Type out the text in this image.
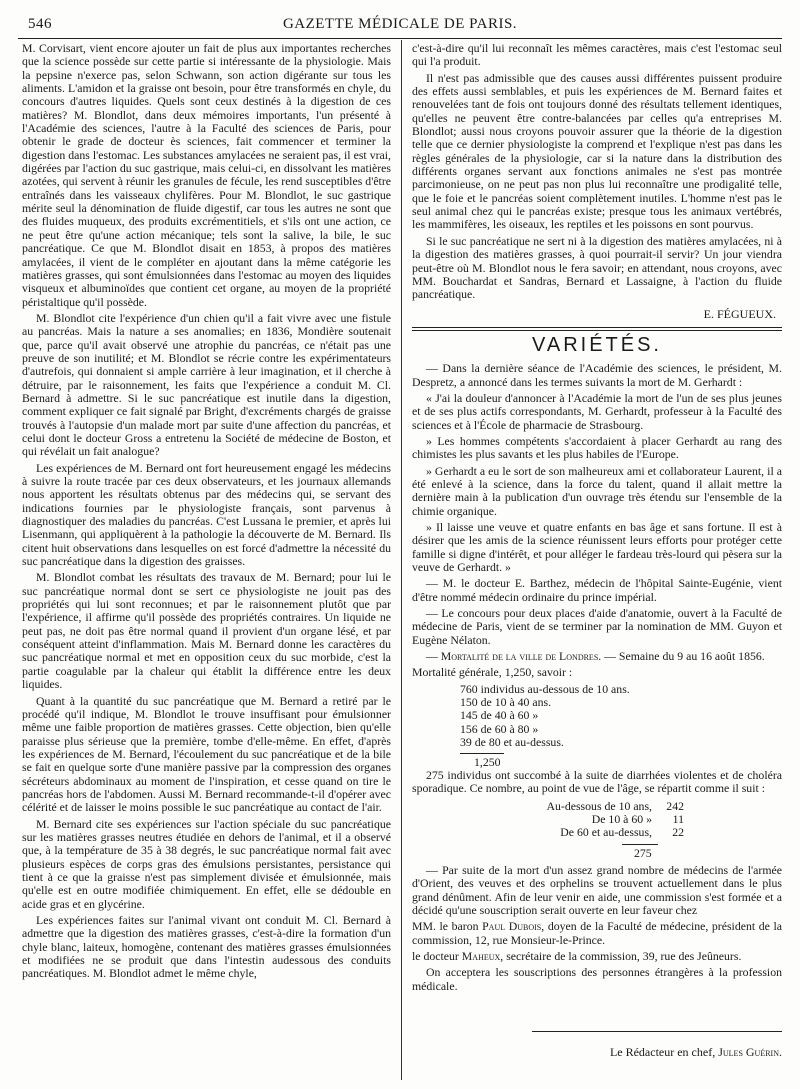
546	GAZETTE MÉDICALE DE PARIS.

M. Corvisart, vient encore ajouter un fait de plus aux importantes recherches que la science possède sur cette partie si intéressante de la physiologie. Mais la pepsine n'exerce pas, selon Schwann, son action digérante sur tous les aliments. L'amidon et la graisse ont besoin, pour être transformés en chyle, du concours d'autres liquides. Quels sont ceux destinés à la digestion de ces matières? M. Blondlot, dans deux mémoires importants, l'un présenté à l'Académie des sciences, l'autre à la Faculté des sciences de Paris, pour obtenir le grade de docteur ès sciences, fait commencer et terminer la digestion dans l'estomac. Les substances amylacées ne seraient pas, il est vrai, digérées par l'action du suc gastrique, mais celui-ci, en dissolvant les matières azotées, qui servent à réunir les granules de fécule, les rend susceptibles d'être entraînés dans les vaisseaux chylifères. Pour M. Blondlot, le suc gastrique mérite seul la dénomination de fluide digestif, car tous les autres ne sont que des fluides muqueux, des produits excrémentitiels, et s'ils ont une action, ce ne peut être qu'une action mécanique; tels sont la salive, la bile, le suc pancréatique. Ce que M. Blondlot disait en 1853, à propos des matières amylacées, il vient de le compléter en ajoutant dans la même catégorie les matières grasses, qui sont émulsionnées dans l'estomac au moyen des liquides visqueux et albuminoïdes que contient cet organe, au moyen de la propriété péristaltique qu'il possède.

M. Blondlot cite l'expérience d'un chien qu'il a fait vivre avec une fistule au pancréas. Mais la nature a ses anomalies; en 1836, Mondière soutenait que, parce qu'il avait observé une atrophie du pancréas, ce n'était pas une preuve de son inutilité; et M. Blondlot se récrie contre les expérimentateurs d'autrefois, qui donnaient si ample carrière à leur imagination, et il cherche à détruire, par le raisonnement, les faits que l'expérience a conduit M. Cl. Bernard à admettre. Si le suc pancréatique est inutile dans la digestion, comment expliquer ce fait signalé par Bright, d'excréments chargés de graisse trouvés à l'autopsie d'un malade mort par suite d'une affection du pancréas, et celui dont le docteur Gross a entretenu la Société de médecine de Boston, et qui révélait un fait analogue?

Les expériences de M. Bernard ont fort heureusement engagé les médecins à suivre la route tracée par ces deux observateurs, et les journaux allemands nous apportent les résultats obtenus par des médecins qui, se servant des indications fournies par le physiologiste français, sont parvenus à diagnostiquer des maladies du pancréas. C'est Lussana le premier, et après lui Lisenmann, qui appliquèrent à la pathologie la découverte de M. Bernard. Ils citent huit observations dans lesquelles on est forcé d'admettre la nécessité du suc pancréatique dans la digestion des graisses.

M. Blondlot combat les résultats des travaux de M. Bernard; pour lui le suc pancréatique normal dont se sert ce physiologiste ne jouit pas des propriétés qui lui sont reconnues; et par le raisonnement plutôt que par l'expérience, il affirme qu'il possède des propriétés contraires. Un liquide ne peut pas, ne doit pas être normal quand il provient d'un organe lésé, et par conséquent atteint d'inflammation. Mais M. Bernard donne les caractères du suc pancréatique normal et met en opposition ceux du suc morbide, c'est la partie coagulable par la chaleur qui établit la différence entre les deux liquides.

Quant à la quantité du suc pancréatique que M. Bernard a retiré par le procédé qu'il indique, M. Blondlot le trouve insuffisant pour émulsionner même une faible proportion de matières grasses. Cette objection, bien qu'elle paraisse plus sérieuse que la première, tombe d'elle-même. En effet, d'après les expériences de M. Bernard, l'écoulement du suc pancréatique et de la bile se fait en quelque sorte d'une manière passive par la compression des organes sécréteurs abdominaux au moment de l'inspiration, et cesse quand on tire le pancréas hors de l'abdomen. Aussi M. Bernard recommande-t-il d'opérer avec célérité et de laisser le moins possible le suc pancréatique au contact de l'air.

M. Bernard cite ses expériences sur l'action spéciale du suc pancréatique sur les matières grasses neutres étudiée en dehors de l'animal, et il a observé que, à la température de 35 à 38 degrés, le suc pancréatique normal fait avec plusieurs espèces de corps gras des émulsions persistantes, persistance qui tient à ce que la graisse n'est pas simplement divisée et émulsionnée, mais qu'elle est en outre modifiée chimiquement. En effet, elle se dédouble en acide gras et en glycérine.

Les expériences faites sur l'animal vivant ont conduit M. Cl. Bernard à admettre que la digestion des matières grasses, c'est-à-dire la formation d'un chyle blanc, laiteux, homogène, contenant des matières grasses émulsionnées et modifiées ne se produit que dans l'intestin audessous des conduits pancréatiques. M. Blondlot admet le même chyle,

c'est-à-dire qu'il lui reconnaît les mêmes caractères, mais c'est l'estomac seul qui l'a produit.

Il n'est pas admissible que des causes aussi différentes puissent produire des effets aussi semblables, et puis les expériences de M. Bernard faites et renouvelées tant de fois ont toujours donné des résultats tellement identiques, qu'elles ne peuvent être contre-balancées par celles qu'a entreprises M. Blondlot; aussi nous croyons pouvoir assurer que la théorie de la digestion telle que ce dernier physiologiste la comprend et l'explique n'est pas dans les règles générales de la physiologie, car si la nature dans la distribution des différents organes servant aux fonctions animales ne s'est pas montrée parcimonieuse, on ne peut pas non plus lui reconnaître une prodigalité telle, que le foie et le pancréas soient complètement inutiles. L'homme n'est pas le seul animal chez qui le pancréas existe; presque tous les animaux vertébrés, les mammifères, les oiseaux, les reptiles et les poissons en sont pourvus.

Si le suc pancréatique ne sert ni à la digestion des matières amylacées, ni à la digestion des matières grasses, à quoi pourrait-il servir? Un jour viendra peut-être où M. Blondlot nous le fera savoir; en attendant, nous croyons, avec MM. Bouchardat et Sandras, Bernard et Lassaigne, à l'action du fluide pancréatique.

E. FÉGUEUX.
VARIÉTÉS.

— Dans la dernière séance de l'Académie des sciences, le président, M. Despretz, a annoncé dans les termes suivants la mort de M. Gerhardt :

« J'ai la douleur d'annoncer à l'Académie la mort de l'un de ses plus jeunes et de ses plus actifs correspondants, M. Gerhardt, professeur à la Faculté des sciences et à l'École de pharmacie de Strasbourg.

» Les hommes compétents s'accordaient à placer Gerhardt au rang des chimistes les plus savants et les plus habiles de l'Europe.

» Gerhardt a eu le sort de son malheureux ami et collaborateur Laurent, il a été enlevé à la science, dans la force du talent, quand il allait mettre la dernière main à la publication d'un ouvrage très étendu sur l'ensemble de la chimie organique.

» Il laisse une veuve et quatre enfants en bas âge et sans fortune. Il est à désirer que les amis de la science réunissent leurs efforts pour protéger cette famille si digne d'intérêt, et pour alléger le fardeau très-lourd qui pèsera sur la veuve de Gerhardt. »

— M. le docteur E. Barthez, médecin de l'hôpital Sainte-Eugénie, vient d'être nommé médecin ordinaire du prince impérial.

— Le concours pour deux places d'aide d'anatomie, ouvert à la Faculté de médecine de Paris, vient de se terminer par la nomination de MM. Guyon et Eugène Nélaton.

— Mortalité de la ville de Londres. — Semaine du 9 au 16 août 1856.

Mortalité générale, 1,250, savoir :

760 individus au-dessous de 10 ans.
150 de 10 à 40 ans.
145 de 40 à 60 »
156 de 60 à 80 »
39 de 80 et au-dessus.
1,250

275 individus ont succombé à la suite de diarrhées violentes et de choléra sporadique. Ce nombre, au point de vue de l'âge, se répartit comme il suit :

Au-dessous de 10 ans, 242
De 10 à 60 » 11
De 60 et au-dessus, 22
275

— Par suite de la mort d'un assez grand nombre de médecins de l'armée d'Orient, des veuves et des orphelins se trouvent actuellement dans le plus grand dénûment. Afin de leur venir en aide, une commission s'est formée et a décidé qu'une souscription serait ouverte en leur faveur chez

MM. le baron Paul Dubois, doyen de la Faculté de médecine, président de la commission, 12, rue Monsieur-le-Prince.

le docteur Maheux, secrétaire de la commission, 39, rue des Jeûneurs.

On acceptera les souscriptions des personnes étrangères à la profession médicale.

Le Rédacteur en chef, Jules Guérin.
